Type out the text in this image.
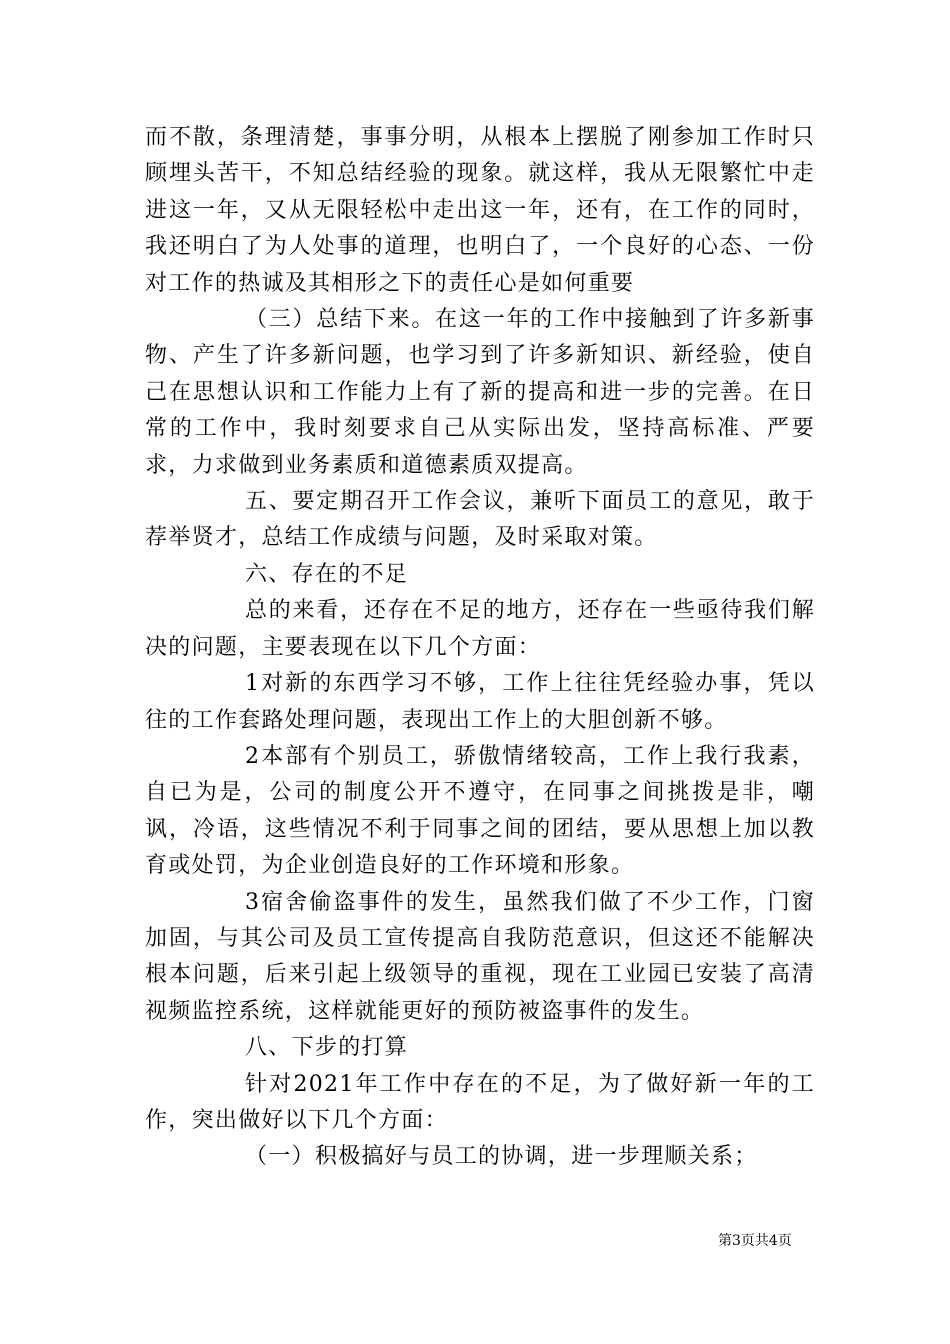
而不散，条理清楚，事事分明，从根本上摆脱了刚参加工作时只顾埋头苦干，不知总结经验的现象。就这样，我从无限繁忙中走进这一年，又从无限轻松中走出这一年，还有，在工作的同时，我还明白了为人处事的道理，也明白了，一个良好的心态、一份对工作的热诚及其相形之下的责任心是如何重要

（三）总结下来。在这一年的工作中接触到了许多新事物、产生了许多新问题，也学习到了许多新知识、新经验，使自己在思想认识和工作能力上有了新的提高和进一步的完善。在日常的工作中，我时刻要求自己从实际出发，坚持高标准、严要求，力求做到业务素质和道德素质双提高。

五、要定期召开工作会议，兼听下面员工的意见，敢于荐举贤才，总结工作成绩与问题，及时采取对策。

六、存在的不足

总的来看，还存在不足的地方，还存在一些亟待我们解决的问题，主要表现在以下几个方面：

1对新的东西学习不够，工作上往往凭经验办事，凭以往的工作套路处理问题，表现出工作上的大胆创新不够。

2本部有个别员工，骄傲情绪较高，工作上我行我素，自已为是，公司的制度公开不遵守，在同事之间挑拨是非，嘲讽，冷语，这些情况不利于同事之间的团结，要从思想上加以教育或处罚，为企业创造良好的工作环境和形象。

3宿舍偷盗事件的发生，虽然我们做了不少工作，门窗加固，与其公司及员工宣传提高自我防范意识，但这还不能解决根本问题，后来引起上级领导的重视，现在工业园已安装了高清视频监控系统，这样就能更好的预防被盗事件的发生。

八、下步的打算

针对2021年工作中存在的不足，为了做好新一年的工作，突出做好以下几个方面：

（一）积极搞好与员工的协调，进一步理顺关系；

第3页共4页
